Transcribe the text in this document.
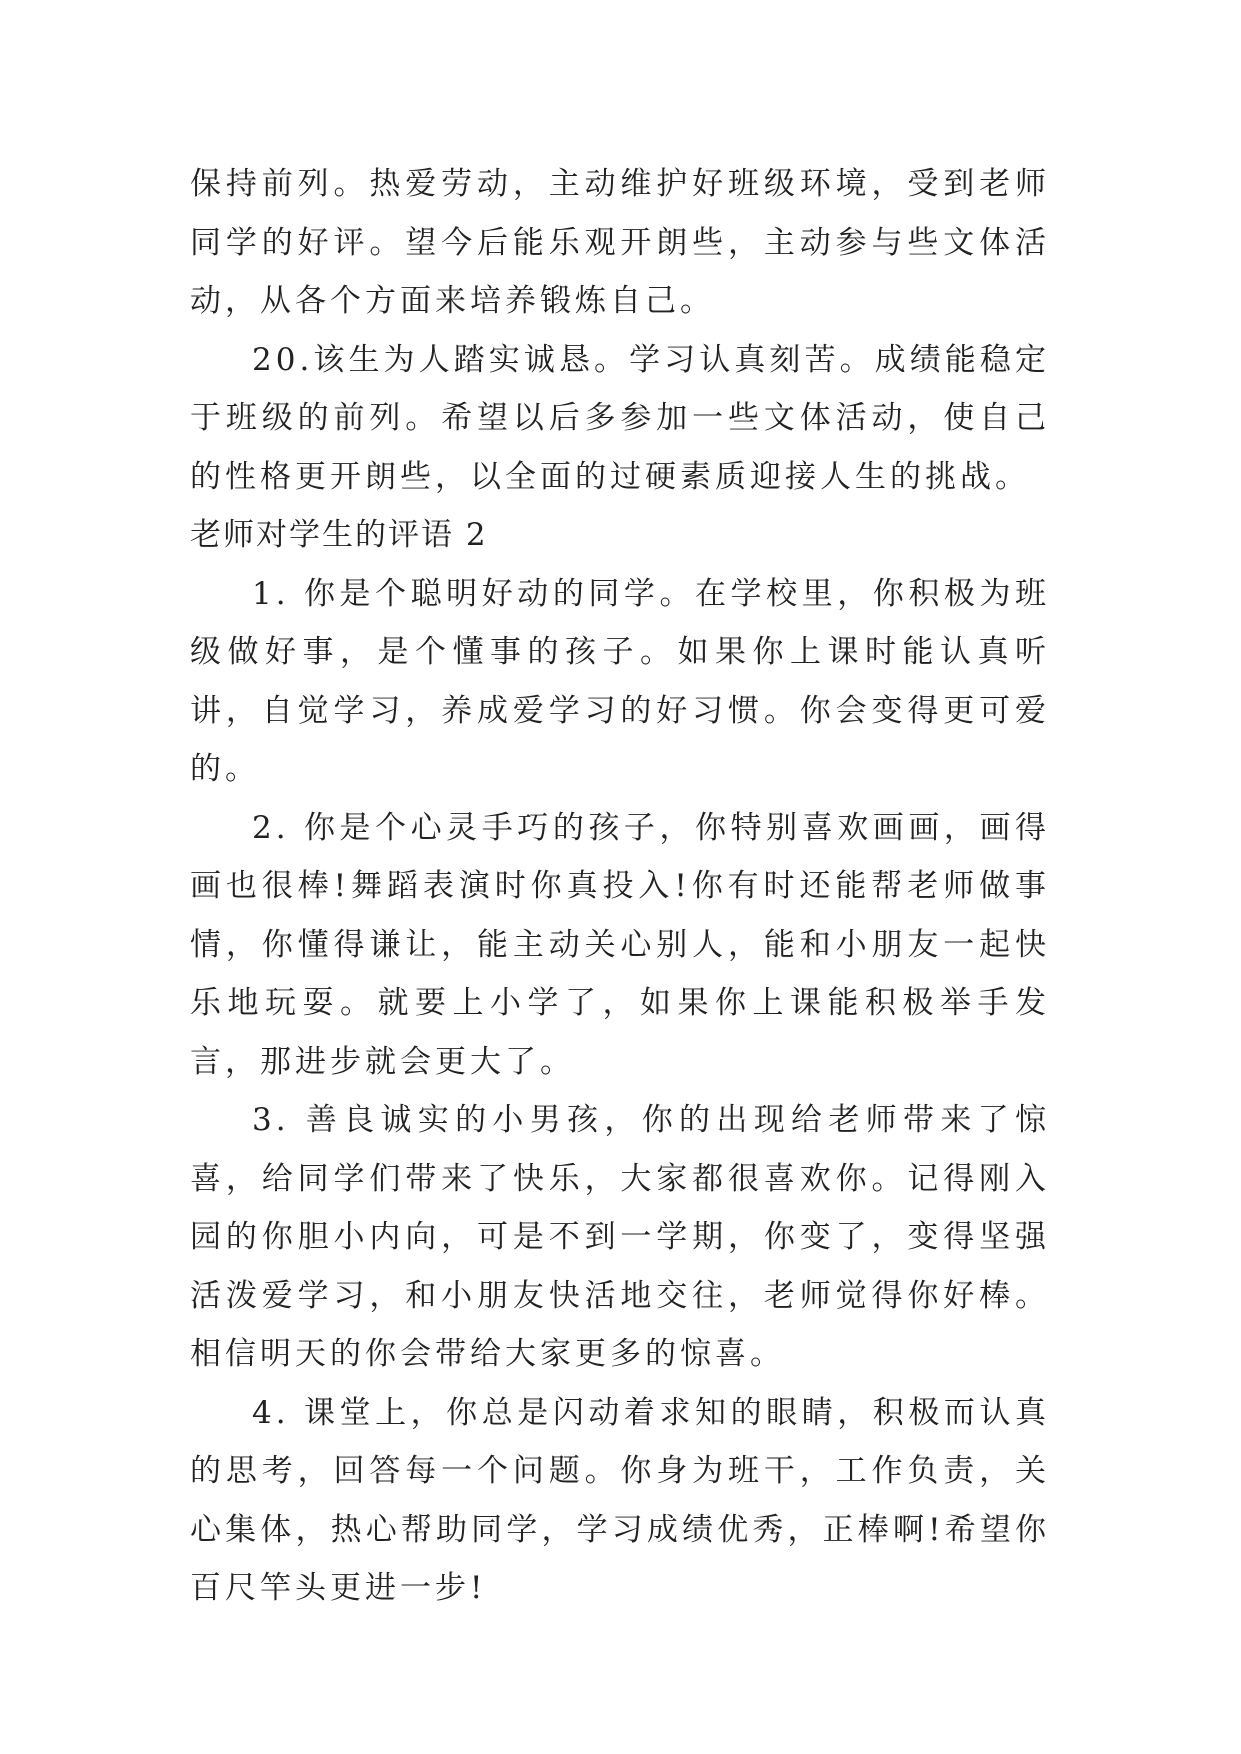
保持前列。热爱劳动，主动维护好班级环境，受到老师同学的好评。望今后能乐观开朗些，主动参与些文体活动，从各个方面来培养锻炼自己。

20.该生为人踏实诚恳。学习认真刻苦。成绩能稳定于班级的前列。希望以后多参加一些文体活动，使自己的性格更开朗些，以全面的过硬素质迎接人生的挑战。

老师对学生的评语 2

1. 你是个聪明好动的同学。在学校里，你积极为班级做好事，是个懂事的孩子。如果你上课时能认真听讲，自觉学习，养成爱学习的好习惯。你会变得更可爱的。

2. 你是个心灵手巧的孩子，你特别喜欢画画，画得画也很棒!舞蹈表演时你真投入!你有时还能帮老师做事情，你懂得谦让，能主动关心别人，能和小朋友一起快乐地玩耍。就要上小学了，如果你上课能积极举手发言，那进步就会更大了。

3. 善良诚实的小男孩，你的出现给老师带来了惊喜，给同学们带来了快乐，大家都很喜欢你。记得刚入园的你胆小内向，可是不到一学期，你变了，变得坚强活泼爱学习，和小朋友快活地交往，老师觉得你好棒。相信明天的你会带给大家更多的惊喜。

4. 课堂上，你总是闪动着求知的眼睛，积极而认真的思考，回答每一个问题。你身为班干，工作负责，关心集体，热心帮助同学，学习成绩优秀，正棒啊!希望你百尺竿头更进一步!
